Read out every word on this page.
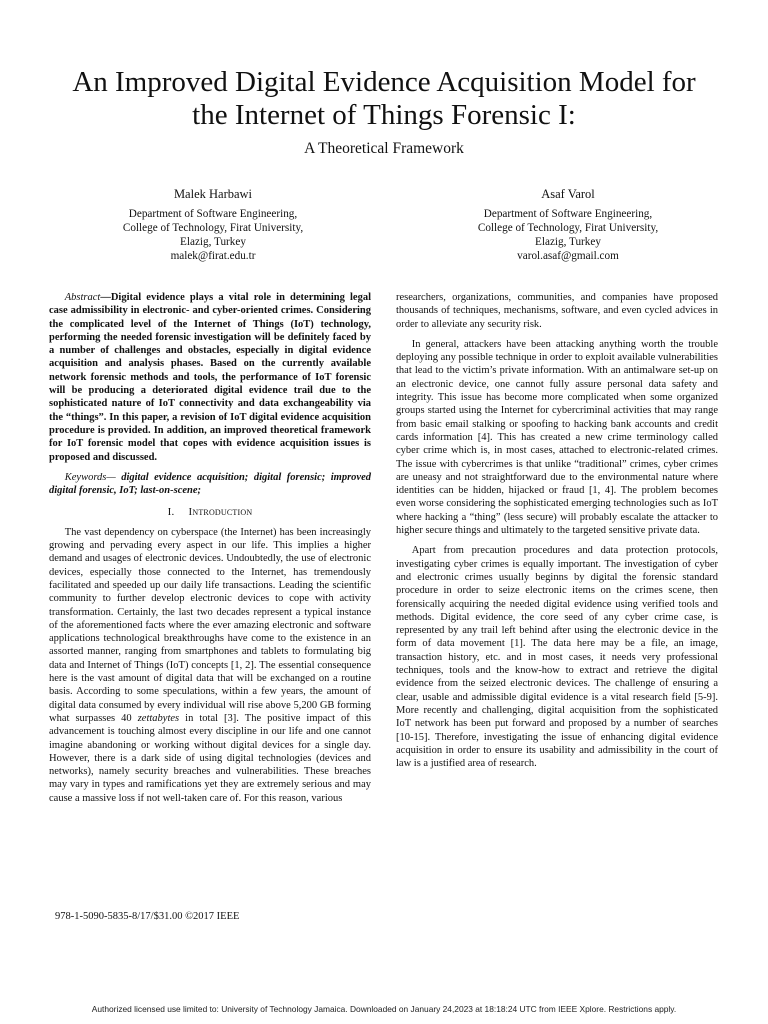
An Improved Digital Evidence Acquisition Model for
the Internet of Things Forensic I:
A Theoretical Framework
Malek Harbawi
Department of Software Engineering,
College of Technology, Firat University,
Elazig, Turkey
malek@firat.edu.tr
Asaf Varol
Department of Software Engineering,
College of Technology, Firat University,
Elazig, Turkey
varol.asaf@gmail.com

Abstract—Digital evidence plays a vital role in determining legal case admissibility in electronic- and cyber-oriented crimes. Considering the complicated level of the Internet of Things (IoT) technology, performing the needed forensic investigation will be definitely faced by a number of challenges and obstacles, especially in digital evidence acquisition and analysis phases. Based on the currently available network forensic methods and tools, the performance of IoT forensic will be producing a deteriorated digital evidence trail due to the sophisticated nature of IoT connectivity and data exchangeability via the “things”. In this paper, a revision of IoT digital evidence acquisition procedure is provided. In addition, an improved theoretical framework for IoT forensic model that copes with evidence acquisition issues is proposed and discussed.

Keywords— digital evidence acquisition; digital forensic; improved digital forensic, IoT; last-on-scene;

I. Introduction

The vast dependency on cyberspace (the Internet) has been increasingly growing and pervading every aspect in our life. This implies a higher demand and usages of electronic devices. Undoubtedly, the use of electronic devices, especially those connected to the Internet, has tremendously facilitated and speeded up our daily life transactions. Leading the scientific community to further develop electronic devices to cope with activity transformation. Certainly, the last two decades represent a typical instance of the aforementioned facts where the ever amazing electronic and software applications technological breakthroughs have come to the existence in an assorted manner, ranging from smartphones and tablets to formulating big data and Internet of Things (IoT) concepts [1, 2]. The essential consequence here is the vast amount of digital data that will be exchanged on a routine basis. According to some speculations, within a few years, the amount of digital data consumed by every individual will rise above 5,200 GB forming what surpasses 40 zettabytes in total [3]. The positive impact of this advancement is touching almost every discipline in our life and one cannot imagine abandoning or working without digital devices for a single day. However, there is a dark side of using digital technologies (devices and networks), namely security breaches and vulnerabilities. These breaches may vary in types and ramifications yet they are extremely serious and may cause a massive loss if not well-taken care of. For this reason, various

researchers, organizations, communities, and companies have proposed thousands of techniques, mechanisms, software, and even cycled advices in order to alleviate any security risk.

In general, attackers have been attacking anything worth the trouble deploying any possible technique in order to exploit available vulnerabilities that lead to the victim’s private information. With an antimalware set-up on an electronic device, one cannot fully assure personal data safety and integrity. This issue has become more complicated when some organized groups started using the Internet for cybercriminal activities that may range from basic email stalking or spoofing to hacking bank accounts and credit cards information [4]. This has created a new crime terminology called cyber crime which is, in most cases, attached to electronic-related crimes. The issue with cybercrimes is that unlike “traditional” crimes, cyber crimes are uneasy and not straightforward due to the environmental nature where identities can be hidden, hijacked or fraud [1, 4]. The problem becomes even worse considering the sophisticated emerging technologies such as IoT where hacking a “thing” (less secure) will probably escalate the attacker to higher secure things and ultimately to the targeted sensitive private data.

Apart from precaution procedures and data protection protocols, investigating cyber crimes is equally important. The investigation of cyber and electronic crimes usually beginns by digital the forensic standard procedure in order to seize electronic items on the crimes scene, then forensically acquiring the needed digital evidence using verified tools and methods. Digital evidence, the core seed of any cyber crime case, is represented by any trail left behind after using the electronic device in the form of data movement [1]. The data here may be a file, an image, transaction history, etc. and in most cases, it needs very professional techniques, tools and the know-how to extract and retrieve the digital evidence from the seized electronic devices. The challenge of ensuring a clear, usable and admissible digital evidence is a vital research field [5-9]. More recently and challenging, digital acquisition from the sophisticated IoT network has been put forward and proposed by a number of searches [10-15]. Therefore, investigating the issue of enhancing digital evidence acquisition in order to ensure its usability and admissibility in the court of law is a justified area of research.

978-1-5090-5835-8/17/$31.00 ©2017 IEEE
Authorized licensed use limited to: University of Technology Jamaica. Downloaded on January 24,2023 at 18:18:24 UTC from IEEE Xplore. Restrictions apply.
